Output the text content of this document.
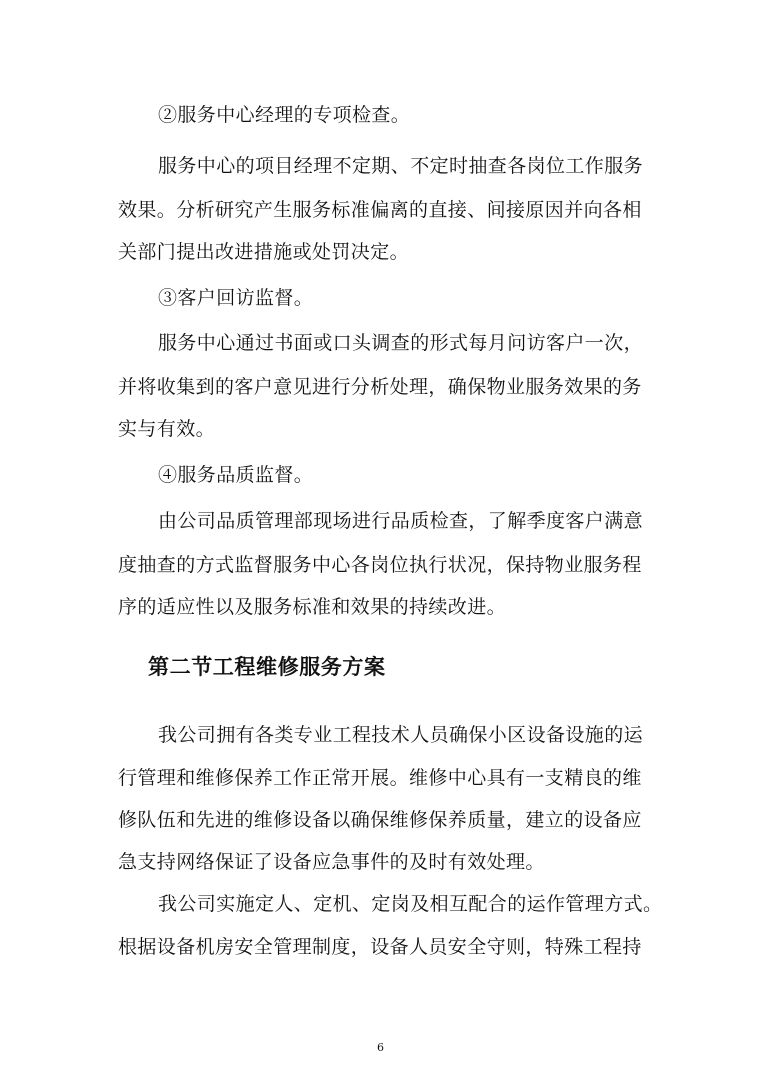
②服务中心经理的专项检查。
服务中心的项目经理不定期、不定时抽查各岗位工作服务
效果。分析研究产生服务标准偏离的直接、间接原因并向各相
关部门提出改进措施或处罚决定。
③客户回访监督。
服务中心通过书面或口头调查的形式每月问访客户一次，
并将收集到的客户意见进行分析处理，确保物业服务效果的务
实与有效。
④服务品质监督。
由公司品质管理部现场进行品质检查，了解季度客户满意
度抽查的方式监督服务中心各岗位执行状况，保持物业服务程
序的适应性以及服务标准和效果的持续改进。
第二节工程维修服务方案
我公司拥有各类专业工程技术人员确保小区设备设施的运
行管理和维修保养工作正常开展。维修中心具有一支精良的维
修队伍和先进的维修设备以确保维修保养质量，建立的设备应
急支持网络保证了设备应急事件的及时有效处理。
我公司实施定人、定机、定岗及相互配合的运作管理方式。
根据设备机房安全管理制度，设备人员安全守则，特殊工程持
6
